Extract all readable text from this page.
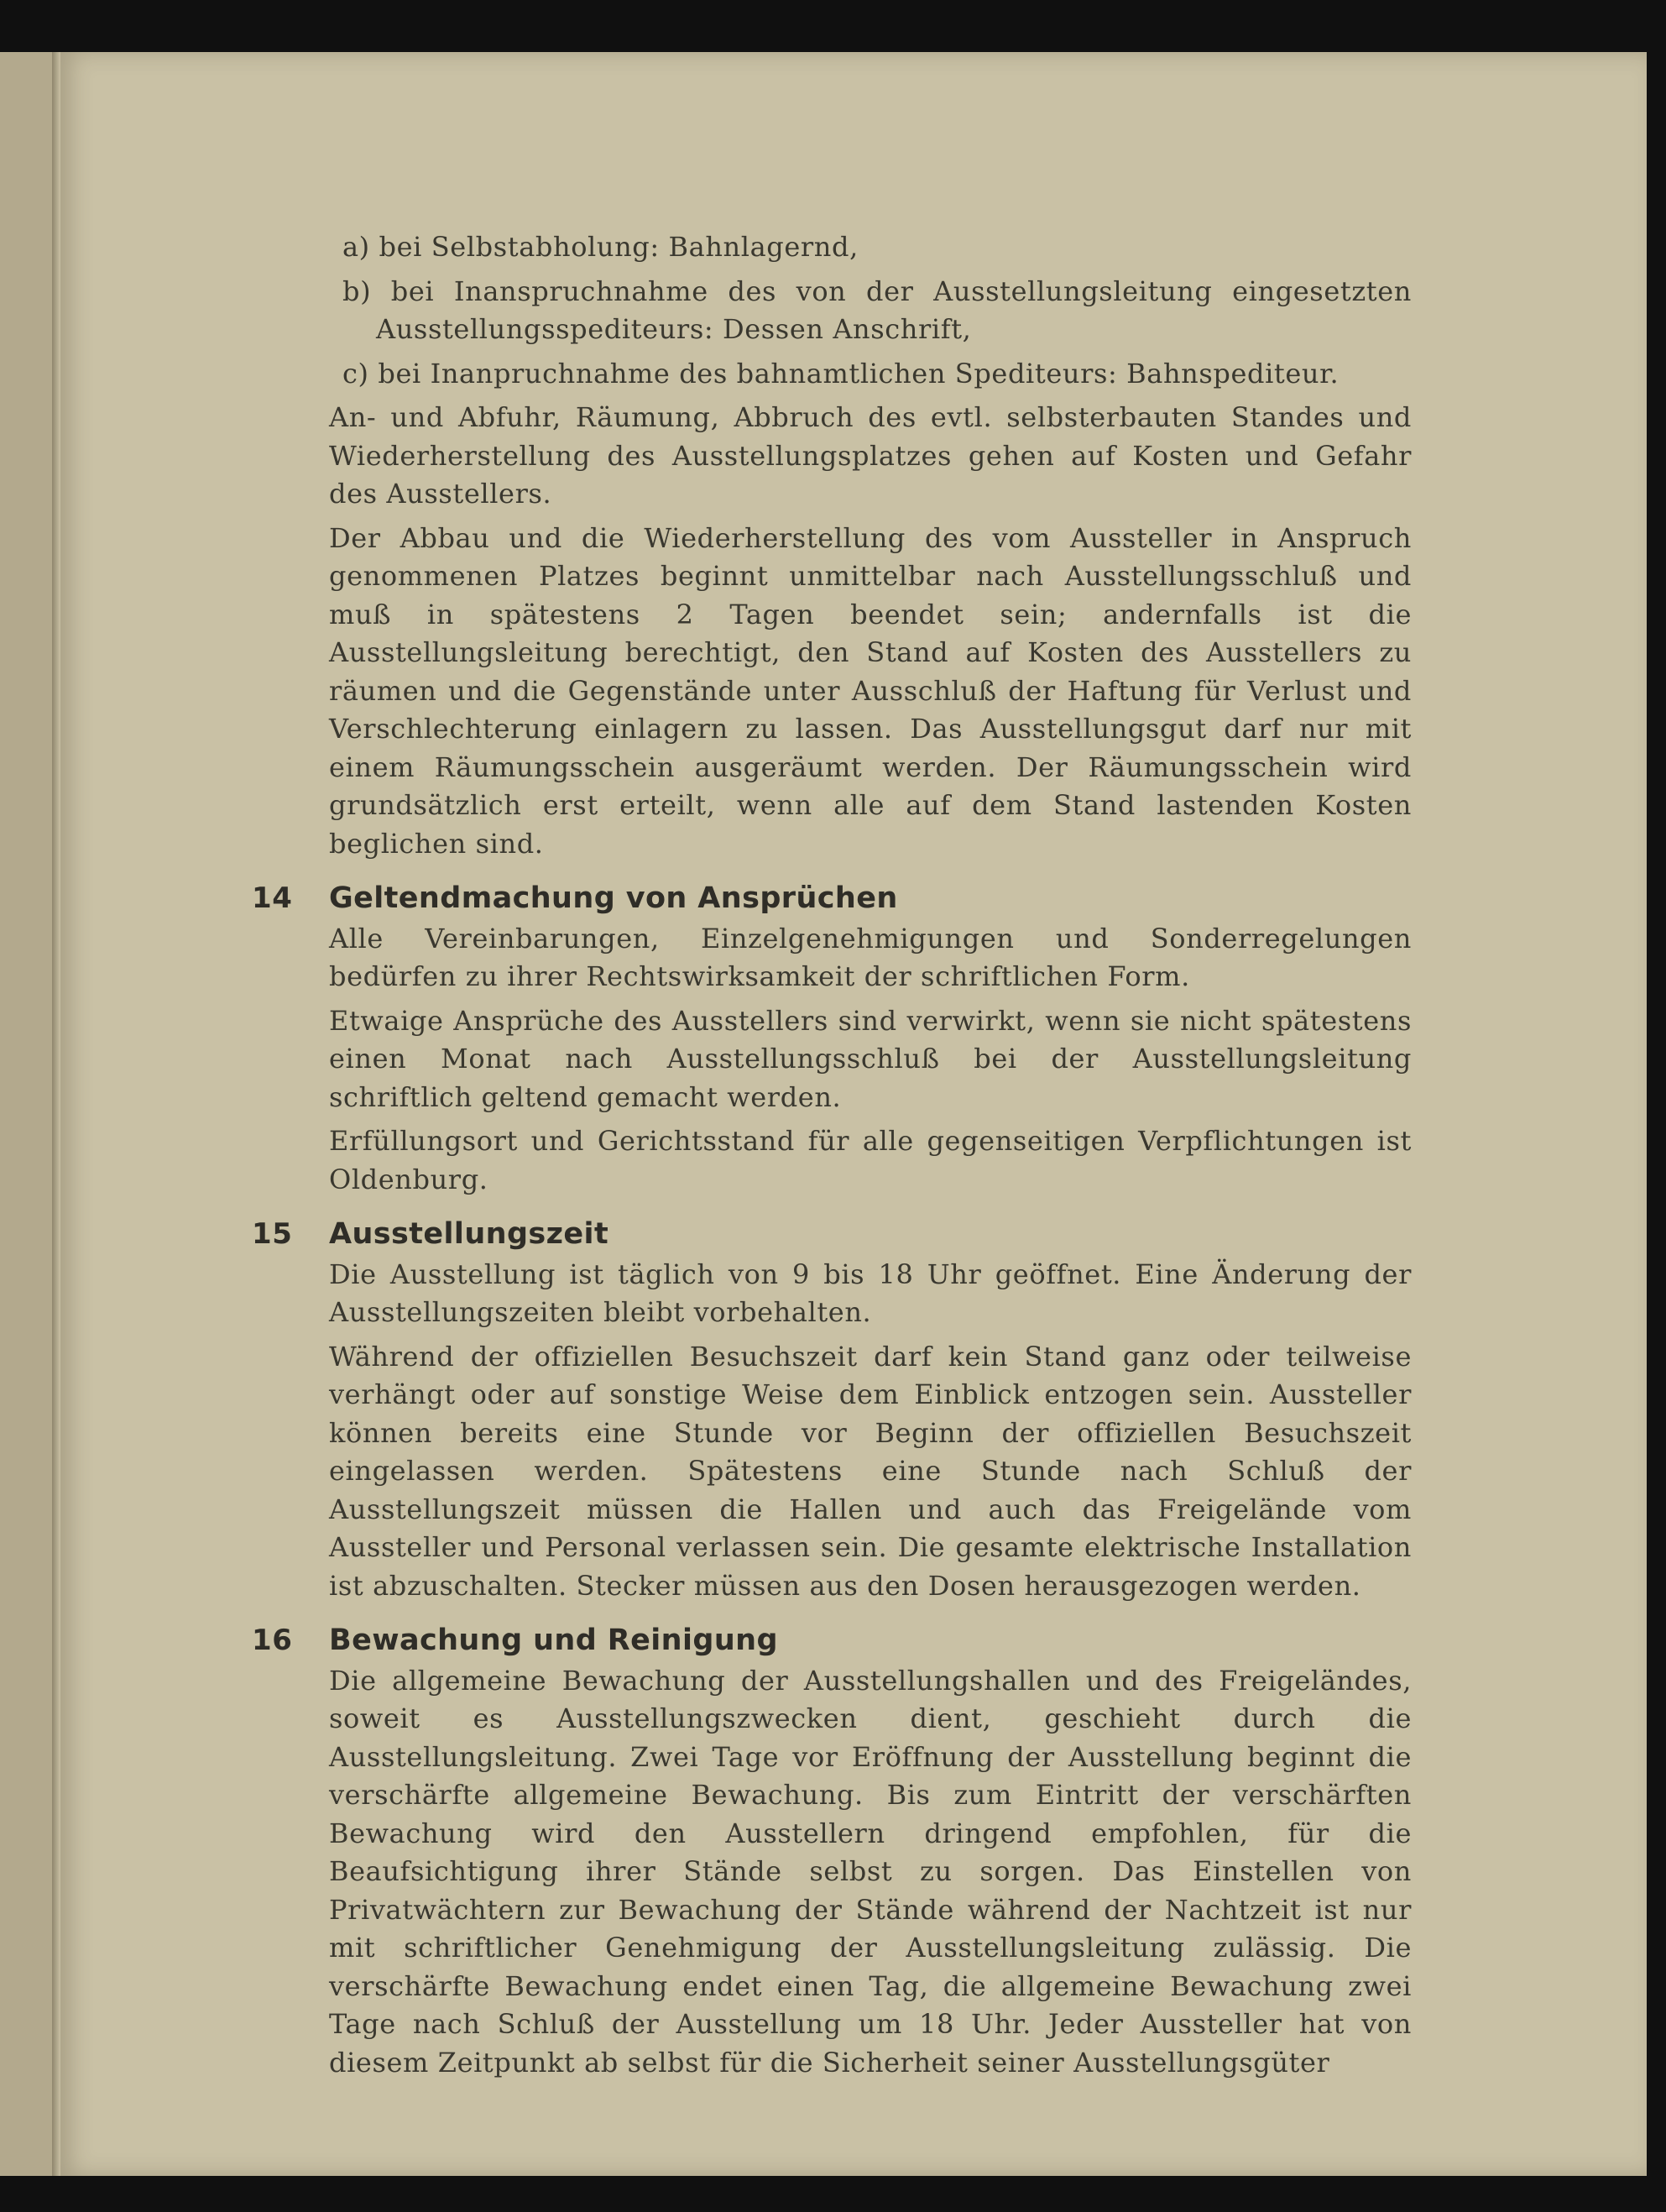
a) bei Selbstabholung: Bahnlagernd,

b) bei Inanspruchnahme des von der Ausstellungsleitung eingesetzten Ausstellungsspediteurs: Dessen Anschrift,

c) bei Inanpruchnahme des bahnamtlichen Spediteurs: Bahnspediteur.

An- und Abfuhr, Räumung, Abbruch des evtl. selbsterbauten Standes und Wiederherstellung des Ausstellungsplatzes gehen auf Kosten und Gefahr des Ausstellers.

Der Abbau und die Wiederherstellung des vom Aussteller in Anspruch genommenen Platzes beginnt unmittelbar nach Ausstellungsschluß und muß in spätestens 2 Tagen beendet sein; andernfalls ist die Ausstellungsleitung berechtigt, den Stand auf Kosten des Ausstellers zu räumen und die Gegenstände unter Ausschluß der Haftung für Verlust und Verschlechterung einlagern zu lassen. Das Ausstellungsgut darf nur mit einem Räumungsschein ausgeräumt werden. Der Räumungsschein wird grundsätzlich erst erteilt, wenn alle auf dem Stand lastenden Kosten beglichen sind.

14 Geltendmachung von Ansprüchen

Alle Vereinbarungen, Einzelgenehmigungen und Sonderregelungen bedürfen zu ihrer Rechtswirksamkeit der schriftlichen Form.

Etwaige Ansprüche des Ausstellers sind verwirkt, wenn sie nicht spätestens einen Monat nach Ausstellungsschluß bei der Ausstellungsleitung schriftlich geltend gemacht werden.

Erfüllungsort und Gerichtsstand für alle gegenseitigen Verpflichtungen ist Oldenburg.

15 Ausstellungszeit

Die Ausstellung ist täglich von 9 bis 18 Uhr geöffnet. Eine Änderung der Ausstellungszeiten bleibt vorbehalten.

Während der offiziellen Besuchszeit darf kein Stand ganz oder teilweise verhängt oder auf sonstige Weise dem Einblick entzogen sein. Aussteller können bereits eine Stunde vor Beginn der offiziellen Besuchszeit eingelassen werden. Spätestens eine Stunde nach Schluß der Ausstellungszeit müssen die Hallen und auch das Freigelände vom Aussteller und Personal verlassen sein. Die gesamte elektrische Installation ist abzuschalten. Stecker müssen aus den Dosen herausgezogen werden.

16 Bewachung und Reinigung

Die allgemeine Bewachung der Ausstellungshallen und des Freigeländes, soweit es Ausstellungszwecken dient, geschieht durch die Ausstellungsleitung. Zwei Tage vor Eröffnung der Ausstellung beginnt die verschärfte allgemeine Bewachung. Bis zum Eintritt der verschärften Bewachung wird den Ausstellern dringend empfohlen, für die Beaufsichtigung ihrer Stände selbst zu sorgen. Das Einstellen von Privatwächtern zur Bewachung der Stände während der Nachtzeit ist nur mit schriftlicher Genehmigung der Ausstellungsleitung zulässig. Die verschärfte Bewachung endet einen Tag, die allgemeine Bewachung zwei Tage nach Schluß der Ausstellung um 18 Uhr. Jeder Aussteller hat von diesem Zeitpunkt ab selbst für die Sicherheit seiner Ausstellungsgüter
